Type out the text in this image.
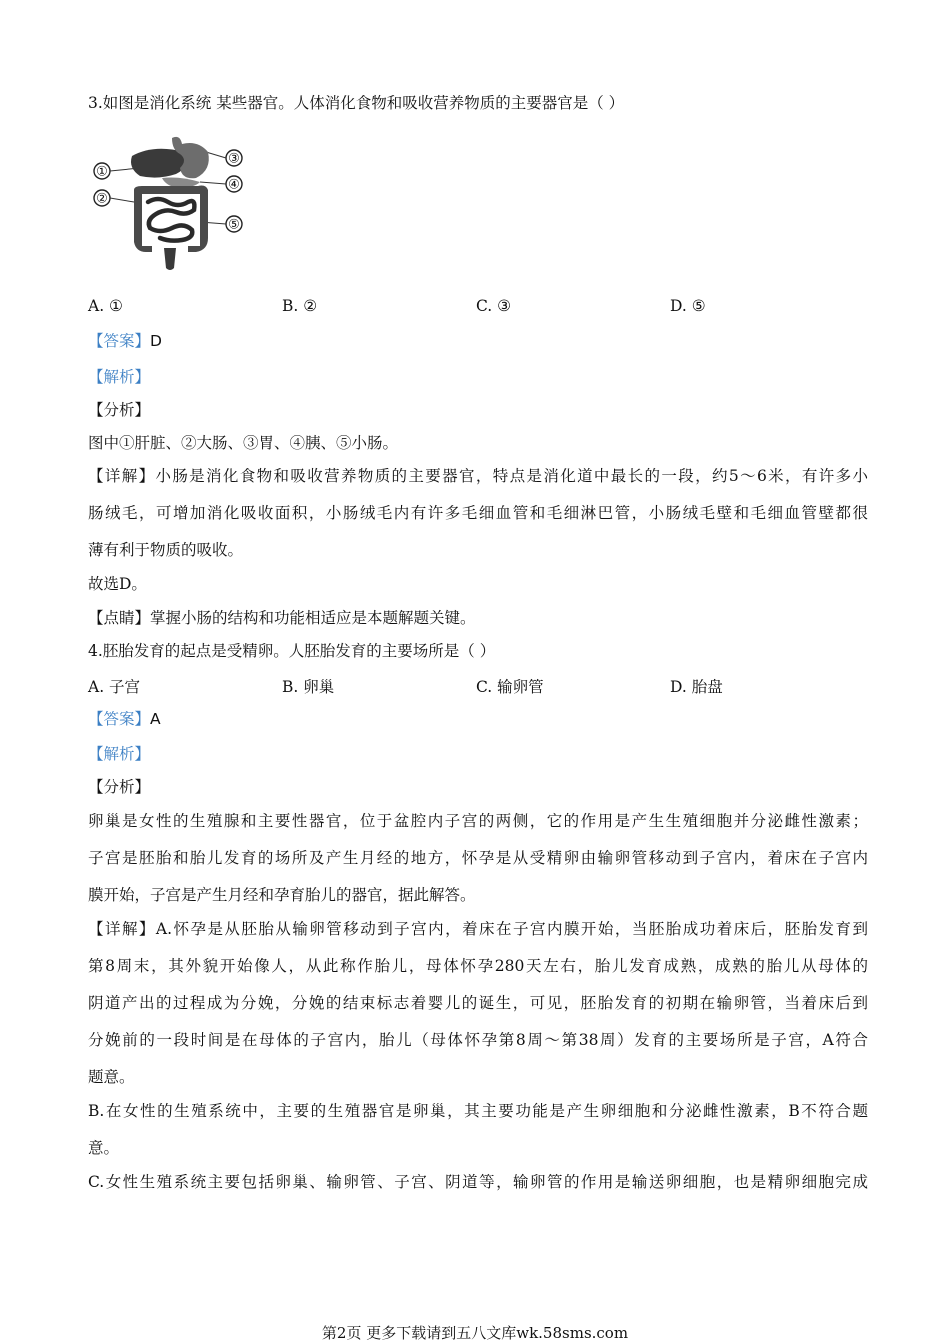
3.如图是消化系统 某些器官。人体消化食物和吸收营养物质的主要器官是（ ）
①
②
③
④
⑤
A. ①	B. ②	C. ③	D. ⑤
【答案】D
【解析】
【分析】
图中①肝脏、②大肠、③胃、④胰、⑤小肠。
【详解】小肠是消化食物和吸收营养物质的主要器官，特点是消化道中最长的一段，约5～6米，有许多小
肠绒毛，可增加消化吸收面积，小肠绒毛内有许多毛细血管和毛细淋巴管，小肠绒毛壁和毛细血管壁都很
薄有利于物质的吸收。
故选D。
【点睛】掌握小肠的结构和功能相适应是本题解题关键。
4.胚胎发育的起点是受精卵。人胚胎发育的主要场所是（ ）
A. 子宫	B. 卵巢	C. 输卵管	D. 胎盘
【答案】A
【解析】
【分析】
卵巢是女性的生殖腺和主要性器官，位于盆腔内子宫的两侧，它的作用是产生生殖细胞并分泌雌性激素；
子宫是胚胎和胎儿发育的场所及产生月经的地方，怀孕是从受精卵由输卵管移动到子宫内，着床在子宫内
膜开始，子宫是产生月经和孕育胎儿的器官，据此解答。
【详解】A.怀孕是从胚胎从输卵管移动到子宫内，着床在子宫内膜开始，当胚胎成功着床后，胚胎发育到
第8周末，其外貌开始像人，从此称作胎儿，母体怀孕280天左右，胎儿发育成熟，成熟的胎儿从母体的
阴道产出的过程成为分娩，分娩的结束标志着婴儿的诞生，可见，胚胎发育的初期在输卵管，当着床后到
分娩前的一段时间是在母体的子宫内，胎儿（母体怀孕第8周～第38周）发育的主要场所是子宫，A符合
题意。
B.在女性的生殖系统中，主要的生殖器官是卵巢，其主要功能是产生卵细胞和分泌雌性激素，B不符合题
意。
C.女性生殖系统主要包括卵巢、输卵管、子宫、阴道等，输卵管的作用是输送卵细胞，也是精卵细胞完成
第2页 更多下载请到五八文库wk.58sms.com
